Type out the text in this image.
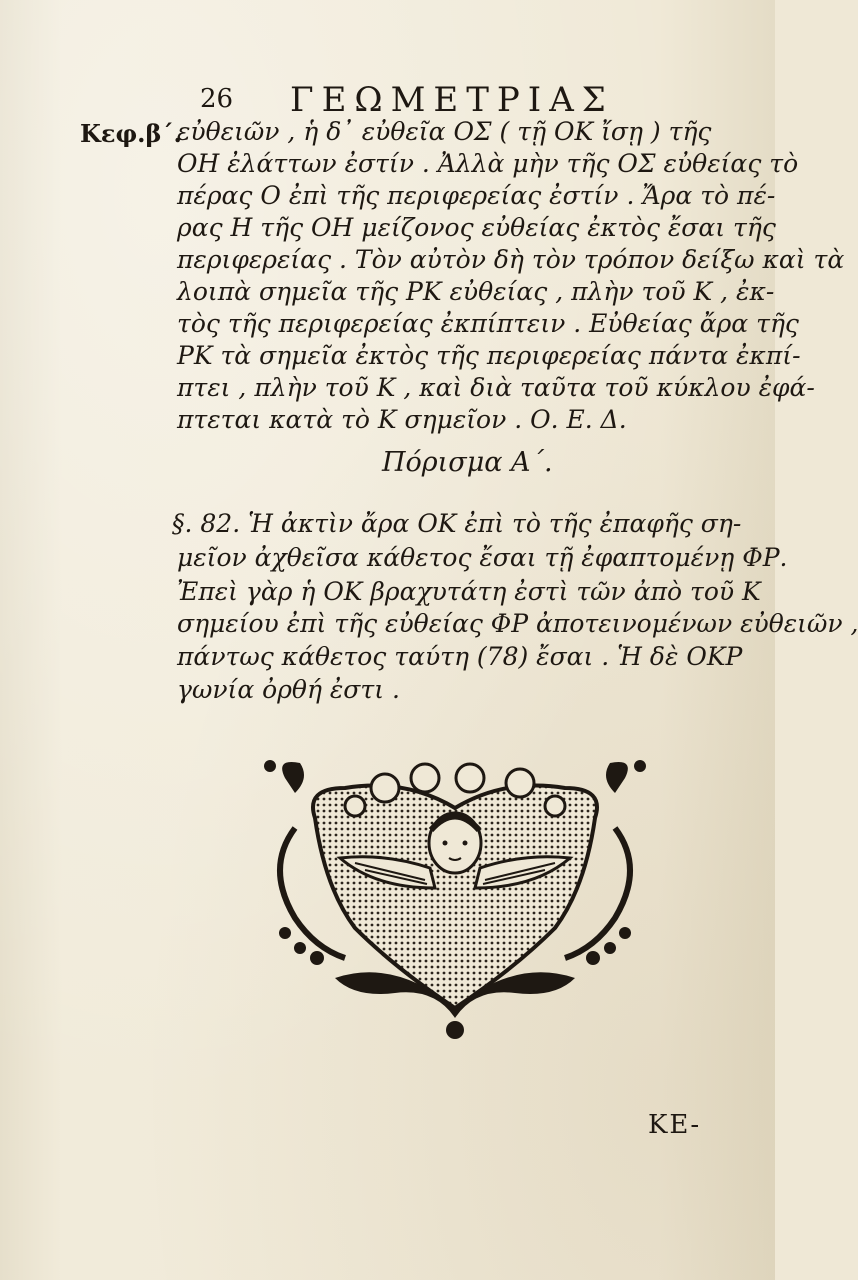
26 ΓΕΩΜΕΤΡΙΑΣ
Κεφ.β΄.
εὐθειῶν , ἡ δ᾽ εὐθεῖα ΟΣ ( τῇ ΟΚ ἴσῃ ) τῆς
ΟΗ ἐλάττων ἐστίν . Ἀλλὰ μὴν τῆς ΟΣ εὐθείας τὸ
πέρας Ο ἐπὶ τῆς περιφερείας ἐστίν . Ἄρα τὸ πέ-
ρας Η τῆς ΟΗ μείζονος εὐθείας ἐκτὸς ἔσαι τῆς
περιφερείας . Τὸν αὐτὸν δὴ τὸν τρόπον δείξω καὶ τὰ
λοιπὰ σημεῖα τῆς ΡΚ εὐθείας , πλὴν τοῦ Κ , ἐκ-
τὸς τῆς περιφερείας ἐκπίπτειν . Εὐθείας ἄρα τῆς
ΡΚ τὰ σημεῖα ἐκτὸς τῆς περιφερείας πάντα ἐκπί-
πτει , πλὴν τοῦ Κ , καὶ διὰ ταῦτα τοῦ κύκλου ἐφά-
πτεται κατὰ τὸ Κ σημεῖον . Ο. Ε. Δ.
Πόρισμα Α΄.
§. 82. Ἡ ἀκτὶν ἄρα ΟΚ ἐπὶ τὸ τῆς ἐπαφῆς ση-
μεῖον ἀχθεῖσα κάθετος ἔσαι τῇ ἐφαπτομένῃ ΦΡ.
Ἐπεὶ γὰρ ἡ ΟΚ βραχυτάτη ἐστὶ τῶν ἀπὸ τοῦ Κ
σημείου ἐπὶ τῆς εὐθείας ΦΡ ἀποτεινομένων εὐθειῶν ,
πάντως κάθετος ταύτη (78) ἔσαι . Ἡ δὲ ΟΚΡ
γωνία ὀρθή ἐστι .
ΚΕ-
